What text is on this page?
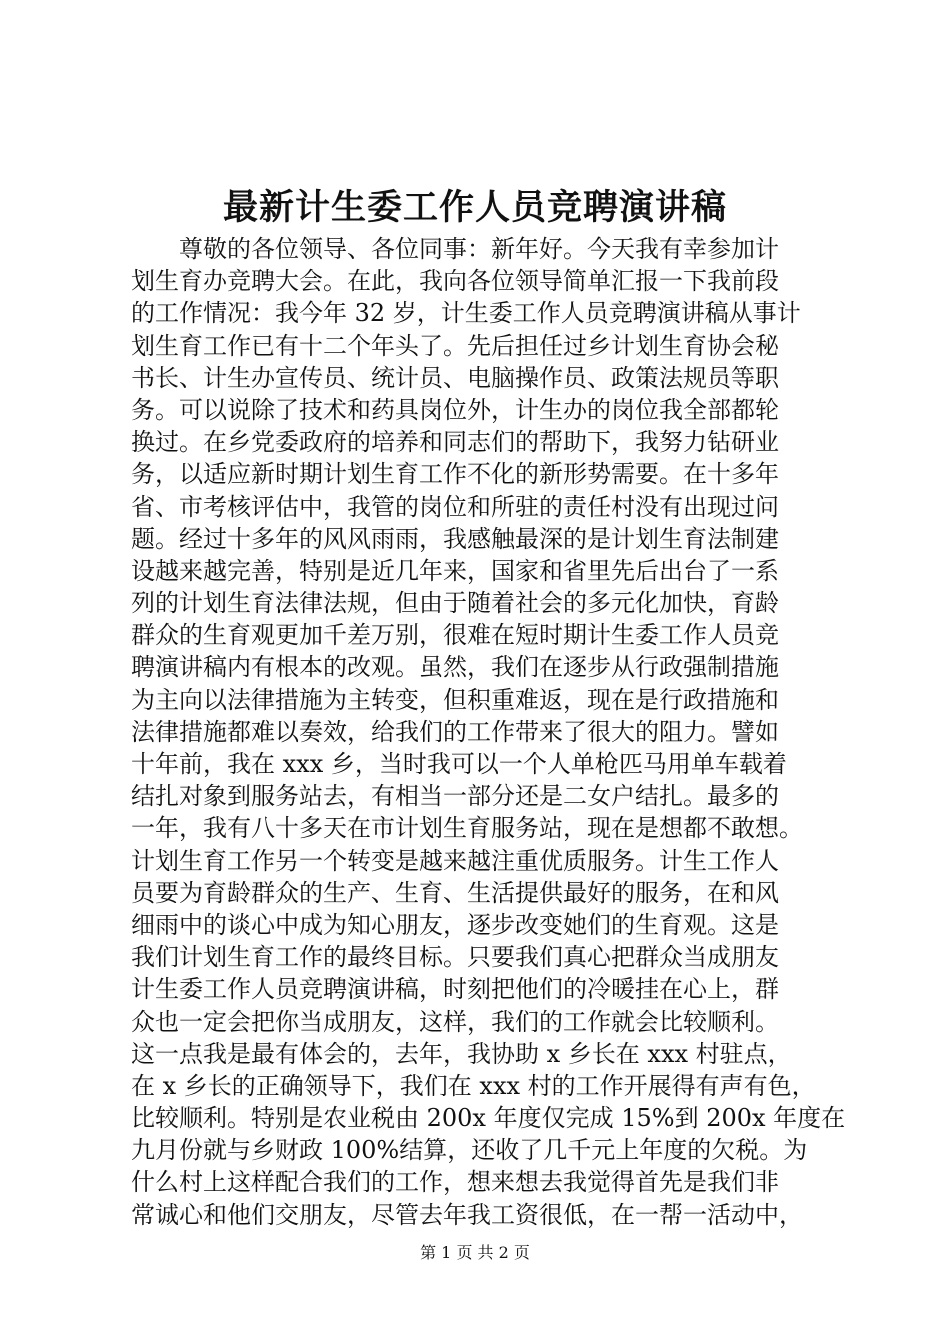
最新计生委工作人员竞聘演讲稿
尊敬的各位领导、各位同事：新年好。今天我有幸参加计
划生育办竞聘大会。在此，我向各位领导简单汇报一下我前段
的工作情况：我今年 32 岁，计生委工作人员竞聘演讲稿从事计
划生育工作已有十二个年头了。先后担任过乡计划生育协会秘
书长、计生办宣传员、统计员、电脑操作员、政策法规员等职
务。可以说除了技术和药具岗位外，计生办的岗位我全部都轮
换过。在乡党委政府的培养和同志们的帮助下，我努力钻研业
务，以适应新时期计划生育工作不化的新形势需要。在十多年
省、市考核评估中，我管的岗位和所驻的责任村没有出现过问
题。经过十多年的风风雨雨，我感触最深的是计划生育法制建
设越来越完善，特别是近几年来，国家和省里先后出台了一系
列的计划生育法律法规，但由于随着社会的多元化加快，育龄
群众的生育观更加千差万别，很难在短时期计生委工作人员竞
聘演讲稿内有根本的改观。虽然，我们在逐步从行政强制措施
为主向以法律措施为主转变，但积重难返，现在是行政措施和
法律措施都难以奏效，给我们的工作带来了很大的阻力。譬如
十年前，我在 xxx 乡，当时我可以一个人单枪匹马用单车载着
结扎对象到服务站去，有相当一部分还是二女户结扎。最多的
一年，我有八十多天在市计划生育服务站，现在是想都不敢想。
计划生育工作另一个转变是越来越注重优质服务。计生工作人
员要为育龄群众的生产、生育、生活提供最好的服务，在和风
细雨中的谈心中成为知心朋友，逐步改变她们的生育观。这是
我们计划生育工作的最终目标。只要我们真心把群众当成朋友
计生委工作人员竞聘演讲稿，时刻把他们的冷暖挂在心上，群
众也一定会把你当成朋友，这样，我们的工作就会比较顺利。
这一点我是最有体会的，去年，我协助 x 乡长在 xxx 村驻点，
在 x 乡长的正确领导下，我们在 xxx 村的工作开展得有声有色，
比较顺利。特别是农业税由 200x 年度仅完成 15%到 200x 年度在
九月份就与乡财政 100%结算，还收了几千元上年度的欠税。为
什么村上这样配合我们的工作，想来想去我觉得首先是我们非
常诚心和他们交朋友，尽管去年我工资很低，在一帮一活动中，
第 1 页 共 2 页
